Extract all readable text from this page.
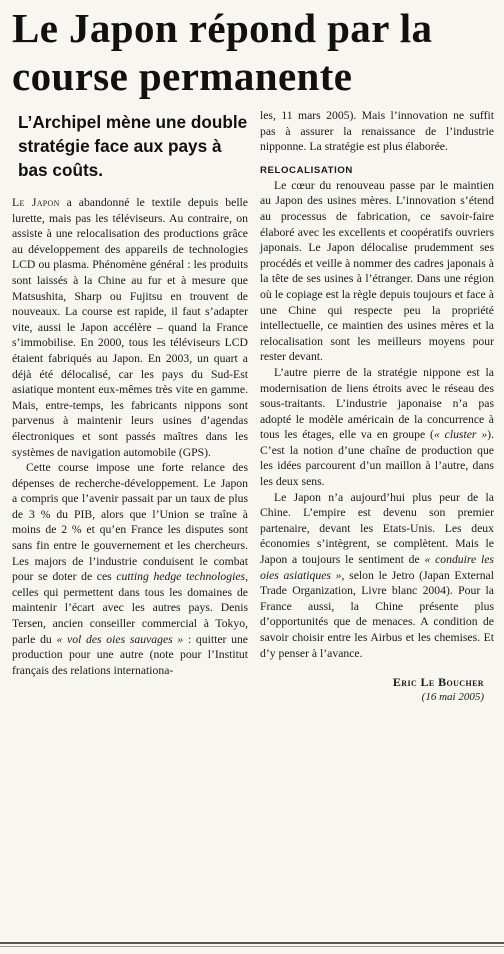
Le Japon répond par la course permanente
L’Archipel mène une double stratégie face aux pays à bas coûts.

Le Japon a abandonné le textile depuis belle lurette, mais pas les téléviseurs. Au contraire, on assiste à une relocalisation des productions grâce au développement des appareils de technologies LCD ou plasma. Phénomène général : les produits sont laissés à la Chine au fur et à mesure que Matsushita, Sharp ou Fujitsu en trouvent de nouveaux. La course est rapide, il faut s’adapter vite, aussi le Japon accélère – quand la France s’immobilise. En 2000, tous les téléviseurs LCD étaient fabriqués au Japon. En 2003, un quart a déjà été délocalisé, car les pays du Sud-Est asiatique montent eux-mêmes très vite en gamme. Mais, entre-temps, les fabricants nippons sont parvenus à maintenir leurs usines d’agendas électroniques et sont passés maîtres dans les systèmes de navigation automobile (GPS).

Cette course impose une forte relance des dépenses de recherche-développement. Le Japon a compris que l’avenir passait par un taux de plus de 3 % du PIB, alors que l’Union se traîne à moins de 2 % et qu’en France les disputes sont sans fin entre le gouvernement et les chercheurs. Les majors de l’industrie conduisent le combat pour se doter de ces cutting hedge technologies, celles qui permettent dans tous les domaines de maintenir l’écart avec les autres pays. Denis Tersen, ancien conseiller commercial à Tokyo, parle du « vol des oies sauvages » : quitter une production pour une autre (note pour l’Institut français des relations internationa-

les, 11 mars 2005). Mais l’innovation ne suffit pas à assurer la renaissance de l’industrie nipponne. La stratégie est plus élaborée.

RELOCALISATION

Le cœur du renouveau passe par le maintien au Japon des usines mères. L’innovation s’étend au processus de fabrication, ce savoir-faire élaboré avec les excellents et coopératifs ouvriers japonais. Le Japon délocalise prudemment ses procédés et veille à nommer des cadres japonais à la tête de ses usines à l’étranger. Dans une région où le copiage est la règle depuis toujours et face à une Chine qui respecte peu la propriété intellectuelle, ce maintien des usines mères et la relocalisation sont les meilleurs moyens pour rester devant.

L’autre pierre de la stratégie nippone est la modernisation de liens étroits avec le réseau des sous-traitants. L’industrie japonaise n’a pas adopté le modèle américain de la concurrence à tous les étages, elle va en groupe (« cluster »). C’est la notion d’une chaîne de production que les idées parcourent d’un maillon à l’autre, dans les deux sens.

Le Japon n’a aujourd’hui plus peur de la Chine. L’empire est devenu son premier partenaire, devant les Etats-Unis. Les deux économies s’intègrent, se complètent. Mais le Japon a toujours le sentiment de « conduire les oies asiatiques », selon le Jetro (Japan External Trade Organization, Livre blanc 2004). Pour la France aussi, la Chine présente plus d’opportunités que de menaces. A condition de savoir choisir entre les Airbus et les chemises. Et d’y penser à l’avance.

Eric Le Boucher
(16 mai 2005)
